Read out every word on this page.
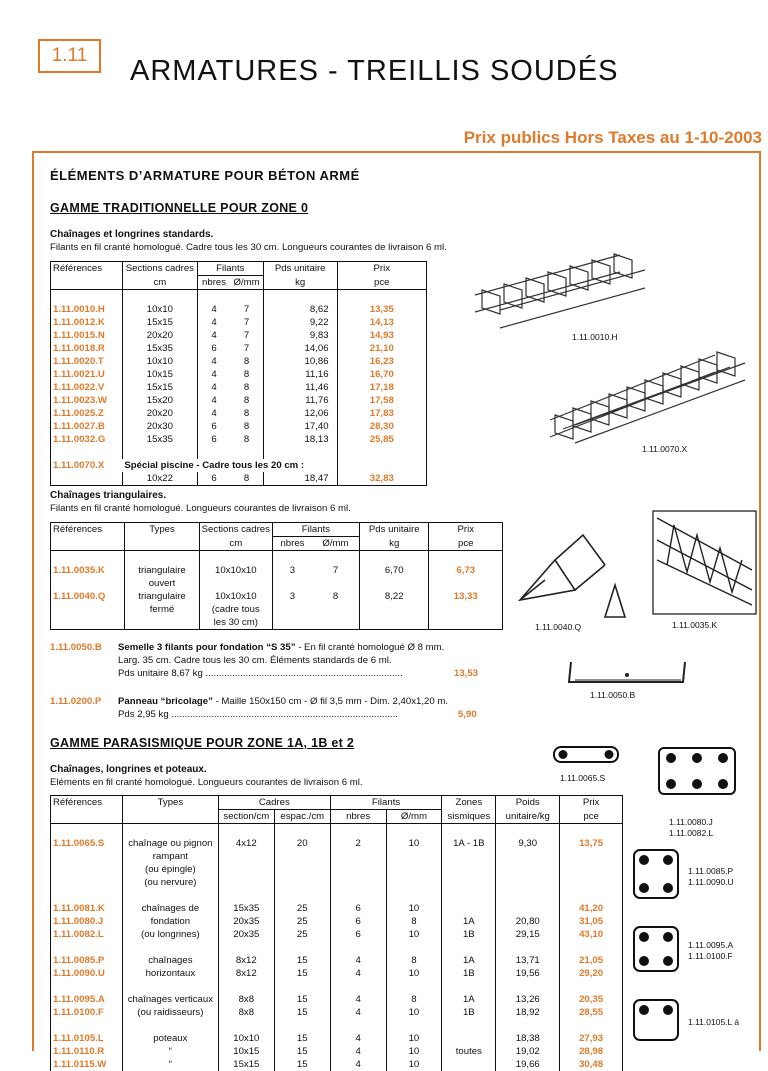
1.11	ARMATURES - TREILLIS SOUDÉS
Prix publics Hors Taxes au 1-10-2003
ÉLÉMENTS D’ARMATURE POUR BÉTON ARMÉ
GAMME TRADITIONNELLE POUR ZONE 0
Chaînages et longrines standards.
Filants en fil cranté homologué. Cadre tous les 30 cm. Longueurs courantes de livraison 6 ml.
Références	Sections cadres	Filants		Pds unitaire	Prix
	cm	nbres	Ø/mm	kg	pce

1.11.0010.H	10x10	4	7	8,62	13,35
1.11.0012.K	15x15	4	7	9,22	14,13
1.11.0015.N	20x20	4	7	9,83	14,93
1.11.0018.R	15x35	6	7	14,06	21,10
1.11.0020.T	10x10	4	8	10,86	16,23
1.11.0021.U	10x15	4	8	11,16	16,70
1.11.0022.V	15x15	4	8	11,46	17,18
1.11.0023.W	15x20	4	8	11,76	17,58
1.11.0025.Z	20x20	4	8	12,06	17,83
1.11.0027.B	20x30	6	8	17,40	28,30
1.11.0032.G	15x35	6	8	18,13	25,85

1.11.0070.X	Spécial piscine - Cadre tous les 20 cm :				
	10x22	6	8	18,47	32,83
1.11.0010.H
1.11.0070.X
Chaînages triangulaires.
Filants en fil cranté homologué. Longueurs courantes de livraison 6 ml.
Références	Types	Sections cadres	Filants		Pds unitaire	Prix
		cm	nbres	Ø/mm	kg	pce

1.11.0035.K	triangulaire	10x10x10	3	7	6,70	6,73
	ouvert					
1.11.0040.Q	triangulaire	10x10x10	3	8	8,22	13,33
	fermé	(cadre tous				
		les 30 cm)					1.11.0040.Q	1.11.0035.K
1.11.0050.B Semelle 3 filants pour fondation “S 35” - En fil cranté homologué Ø 8 mm.
Larg. 35 cm. Cadre tous les 30 cm. Éléments standards de 6 ml.
Pds unitaire 8,67 kg ..........................................................................	13,53
1.11.0050.B
1.11.0200.P Panneau “bricolage” - Maille 150x150 cm - Ø fil 3,5 mm - Dim. 2,40x1,20 m.
Pds 2,95 kg .....................................................................................	5,90
GAMME PARASISMIQUE POUR ZONE 1A, 1B et 2
Chaînages, longrines et poteaux.
Eléments en fil cranté homologué. Longueurs courantes de livraison 6 ml.
Références	Types	Cadres		Filants		Zones	Poids	Prix
		section/cm	espac./cm	nbres	Ø/mm	sismiques	unitaire/kg	pce

1.11.0065.S	chaînage ou pignon	4x12	20	2	10	1A - 1B	9,30	13,75
	rampant							
	(ou épingle)							
	(ou nervure)							

1.11.0081.K	chaînages de	15x35	25	6	10			41,20
1.11.0080.J	fondation	20x35	25	6	8	1A	20,80	31,05
1.11.0082.L	(ou longrines)	20x35	25	6	10	1B	29,15	43,10

1.11.0085.P	chaînages	8x12	15	4	8	1A	13,71	21,05
1.11.0090.U	horizontaux	8x12	15	4	10	1B	19,56	29,20

1.11.0095.A	chaînages verticaux	8x8	15	4	8	1A	13,26	20,35
1.11.0100.F	(ou raidisseurs)	8x8	15	4	10	1B	18,92	28,55

1.11.0105.L	poteaux	10x10	15	4	10		18,38	27,93
1.11.0110.R	“	10x15	15	4	10	toutes	19,02	28,98
1.11.0115.W	“	15x15	15	4	10		19,66	30,48
1.11.0065.S
1.11.0080.J
1.11.0082.L
1.11.0085.P
1.11.0090.U
1.11.0095.A
1.11.0100.F
1.11.0105.L à
